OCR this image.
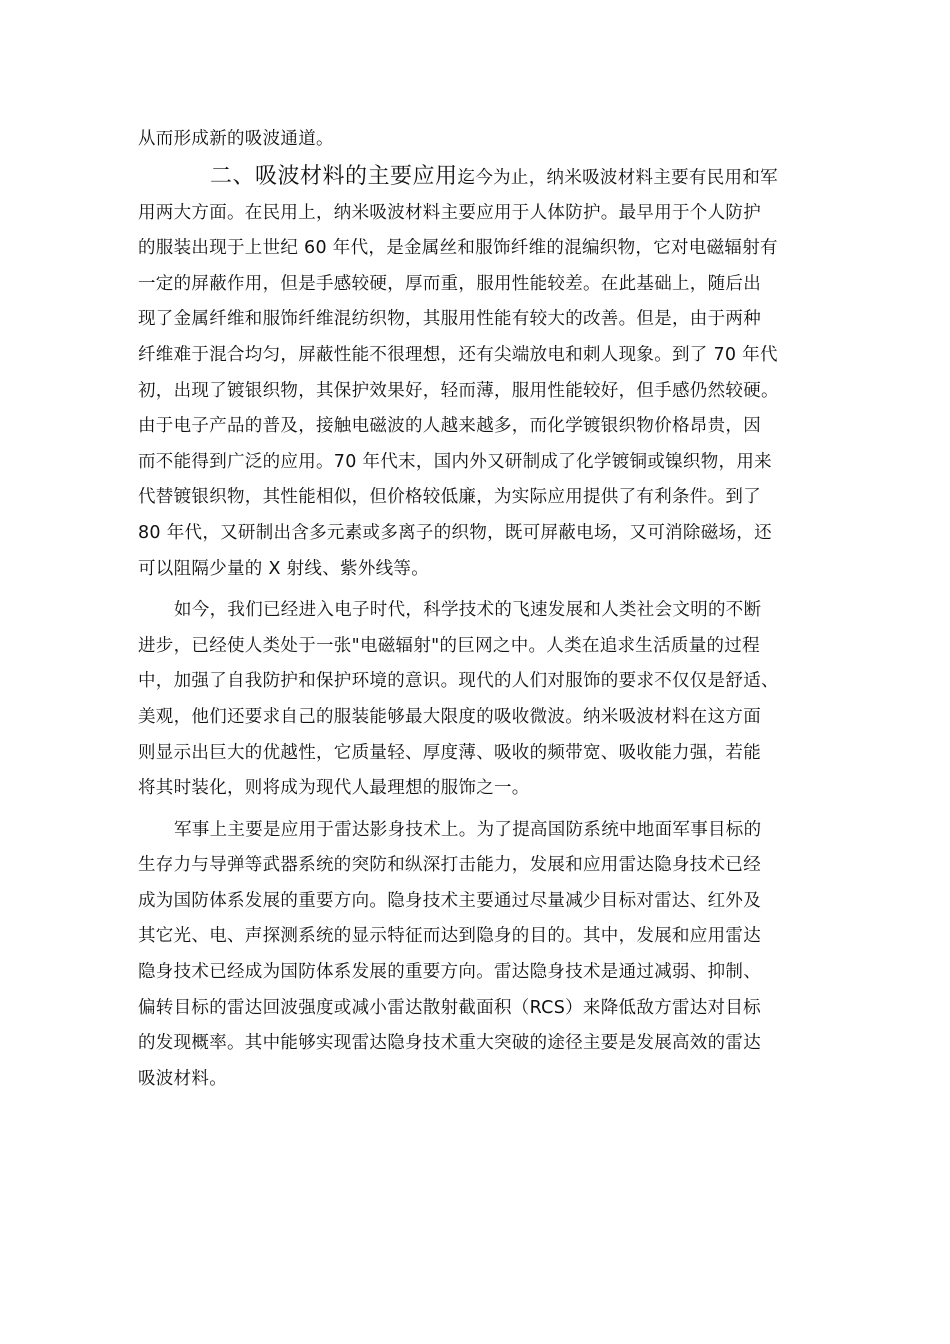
从而形成新的吸波通道。
二、吸波材料的主要应用迄今为止，纳米吸波材料主要有民用和军
用两大方面。在民用上，纳米吸波材料主要应用于人体防护。最早用于个人防护
的服装出现于上世纪 60 年代，是金属丝和服饰纤维的混编织物，它对电磁辐射有
一定的屏蔽作用，但是手感较硬，厚而重，服用性能较差。在此基础上，随后出
现了金属纤维和服饰纤维混纺织物，其服用性能有较大的改善。但是，由于两种
纤维难于混合均匀，屏蔽性能不很理想，还有尖端放电和刺人现象。到了 70 年代
初，出现了镀银织物，其保护效果好，轻而薄，服用性能较好，但手感仍然较硬。
由于电子产品的普及，接触电磁波的人越来越多，而化学镀银织物价格昂贵，因
而不能得到广泛的应用。70 年代末，国内外又研制成了化学镀铜或镍织物，用来
代替镀银织物，其性能相似，但价格较低廉，为实际应用提供了有利条件。到了
80 年代，又研制出含多元素或多离子的织物，既可屏蔽电场，又可消除磁场，还
可以阻隔少量的 X 射线、紫外线等。
如今，我们已经进入电子时代，科学技术的飞速发展和人类社会文明的不断
进步，已经使人类处于一张"电磁辐射"的巨网之中。人类在追求生活质量的过程
中，加强了自我防护和保护环境的意识。现代的人们对服饰的要求不仅仅是舒适、
美观，他们还要求自己的服装能够最大限度的吸收微波。纳米吸波材料在这方面
则显示出巨大的优越性，它质量轻、厚度薄、吸收的频带宽、吸收能力强，若能
将其时装化，则将成为现代人最理想的服饰之一。
军事上主要是应用于雷达影身技术上。为了提高国防系统中地面军事目标的
生存力与导弹等武器系统的突防和纵深打击能力，发展和应用雷达隐身技术已经
成为国防体系发展的重要方向。隐身技术主要通过尽量减少目标对雷达、红外及
其它光、电、声探测系统的显示特征而达到隐身的目的。其中，发展和应用雷达
隐身技术已经成为国防体系发展的重要方向。雷达隐身技术是通过减弱、抑制、
偏转目标的雷达回波强度或减小雷达散射截面积（RCS）来降低敌方雷达对目标
的发现概率。其中能够实现雷达隐身技术重大突破的途径主要是发展高效的雷达
吸波材料。
